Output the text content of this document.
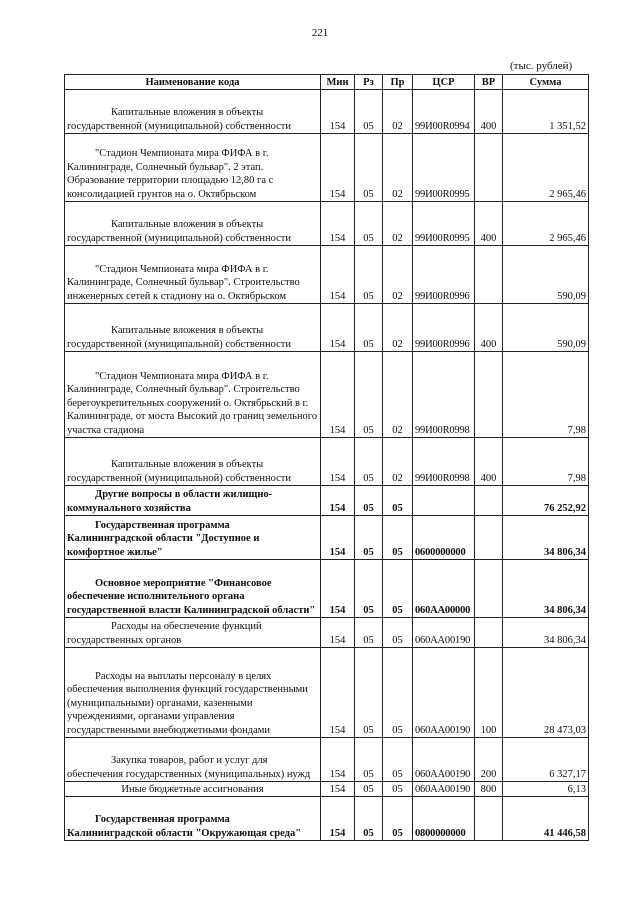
221
(тыс. рублей)
Наименование кода	Мин	Рз	Пр	ЦСР	ВР	Сумма
Капитальные вложения в объекты государственной (муниципальной) собственности	154	05	02	99И00R0994	400	1 351,52
"Стадион Чемпионата мира ФИФА в г. Калининграде, Солнечный бульвар". 2 этап. Образование территории площадью 12,80 га с консолидацией грунтов на о. Октябрьском	154	05	02	99И00R0995		2 965,46
Капитальные вложения в объекты государственной (муниципальной) собственности	154	05	02	99И00R0995	400	2 965,46
"Стадион Чемпионата мира ФИФА в г. Калининграде, Солнечный бульвар". Строительство инженерных сетей к стадиону на о. Октябрьском	154	05	02	99И00R0996		590,09
Капитальные вложения в объекты государственной (муниципальной) собственности	154	05	02	99И00R0996	400	590,09
"Стадион Чемпионата мира ФИФА в г. Калининграде, Солнечный бульвар". Строительство берегоукрепительных сооружений о. Октябрьский в г. Калининграде, от моста Высокий до границ земельного участка стадиона	154	05	02	99И00R0998		7,98
Капитальные вложения в объекты государственной (муниципальной) собственности	154	05	02	99И00R0998	400	7,98
Другие вопросы в области жилищно-коммунального хозяйства	154	05	05			76 252,92
Государственная программа Калининградской области "Доступное и комфортное жилье"	154	05	05	0600000000		34 806,34
Основное мероприятие "Финансовое обеспечение исполнительного органа государственной власти Калининградской области"	154	05	05	060АА00000		34 806,34
Расходы на обеспечение функций государственных органов	154	05	05	060АА00190		34 806,34
Расходы на выплаты персоналу в целях обеспечения выполнения функций государственными (муниципальными) органами, казенными учреждениями, органами управления государственными внебюджетными фондами	154	05	05	060АА00190	100	28 473,03
Закупка товаров, работ и услуг для обеспечения государственных (муниципальных) нужд	154	05	05	060АА00190	200	6 327,17
Иные бюджетные ассигнования	154	05	05	060АА00190	800	6,13
Государственная программа Калининградской области "Окружающая среда"	154	05	05	0800000000		41 446,58
